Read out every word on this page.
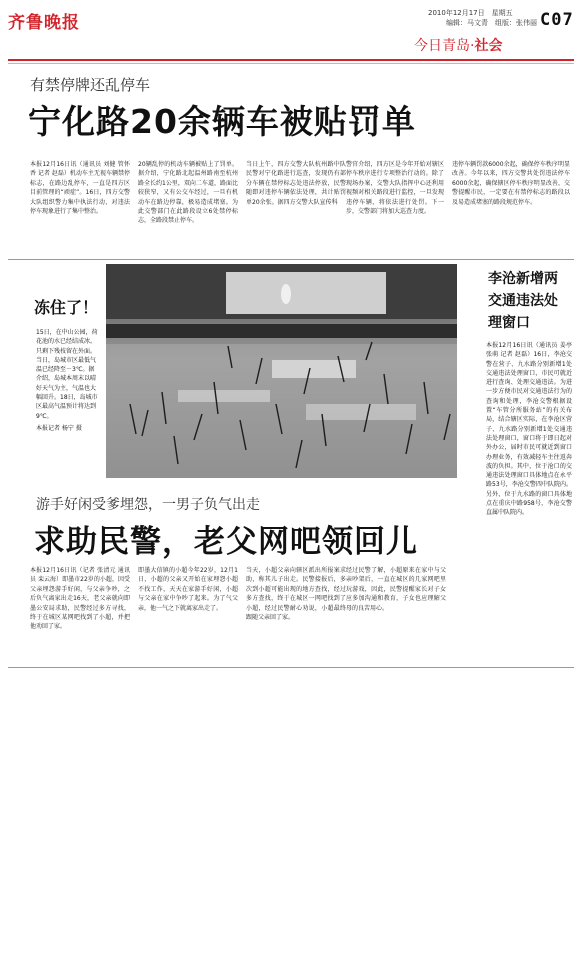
齐鲁晚报	2010年12月17日　星期五
编辑：马文青　组版：张伟丽 C07
今日青岛·社会
有禁停牌还乱停车
宁化路20余辆车被贴罚单
本报12月16日讯（通讯员 刘健 管怀香 记者 赵磊）机动车主无视车辆禁停标志，在路边乱停车，一直是四方区目前管理的“顽症”。16日，四方交警大队组织警力集中执法行动，对违法停车现象进行了集中整治。
20辆乱停的机动车辆被贴上了罚单。据介绍，宁化路北起温州路南至杭州路全长约1公里，双向二车道，路面比较狭窄，又有公交车经过，一旦有机动车在路边停靠，极易造成堵塞。为此交警部门在此路段设立6处禁停标志，全路段禁止停车。
当日上午，四方交警大队杭州路中队民警对宁化路进行巡查，发现仍有部分车辆在禁停标志处违法停放，民警随即对违停车辆依法处理，共计贴罚单20余张。据四方交警大队宣传科
警官介绍，四方区是今年开始对辖区停车秩序进行专项整治行动的。除了现场办案，交警大队指挥中心还利用视频对相关路段进行监控，一旦发现违停车辆，将依法进行处罚。下一步，交警部门将加大巡查力度。
违停车辆罚款6000余起，确保停车秩序明显改善。今年以来，四方交警共处罚违法停车6000余起，确保辖区停车秩序明显改善，交警提醒市民，一定要在有禁停标志的路段以及易造成堵塞的路段规范停车。
冻住了！
15日，在中山公园，荷花池的水已经结成冰。只剩下残枝留在外面。当日，岛城市区最低气温已经降至－3℃。据介绍，岛城本周末以晴好天气为主，气温也大幅回升。18日，岛城市区最高气温预计将达到9℃。
本报记者 杨宁 摄
李沧新增两交通违法处理窗口
本报12月16日讯（通讯员 姜亭 张萌 记者 赵磊）16日，李沧交警在营子、九水路分别新增1处交通违法处理窗口，市民可就近进行查询、处理交通违法。为进一步方便市民对交通违法行为的查询和处理，李沧交警根据设置“车管分所服务站”的有关布局，结合辖区实际，在李沧区营子、九水路分别新增1处交通违法处理窗口，窗口将于即日起对外办公，届时市民可就近到窗口办理业务，有效减轻车主往返奔波的负担。其中，位于沧口的交通违法处理窗口具体地点在永平路53号，李沧交警四中队院内。另外，位于九水路的窗口具体地点在重庆中路958号，李沧交警直属中队院内。
游手好闲受爹埋怨，一男子负气出走
求助民警，老父网吧领回儿
本报12月16日讯（记者 张清元 通讯员 栾云海）即墨市22岁的小超，因受父亲埋怨游手好闲，与父亲争吵，之后负气离家出走16天，老父亲就向即墨公安局求助，民警经过多方寻找，终于在城区某网吧找到了小超，并把他劝回了家。
即墨大信镇的小超今年22岁，12月1日，小超的父亲又开始在家埋怨小超不找工作，天天在家游手好闲，小超与父亲在家中争吵了起来。为了气父亲，他一气之下就离家出走了。
当天，小超父亲向辖区派出所报案求助，称其儿子出走。民警接报后，多次到小超可能出现的地方查找，经过多方查找，终于在城区一网吧找到了小超，经过民警耐心劝说，小超最终跟随父亲回了家。
经过民警了解，小超原来在家中与父亲吵架后，一直在城区的几家网吧里玩游戏，因此，民警提醒家长对子女应多加沟通和教育，子女也应理解父母的良苦用心。
